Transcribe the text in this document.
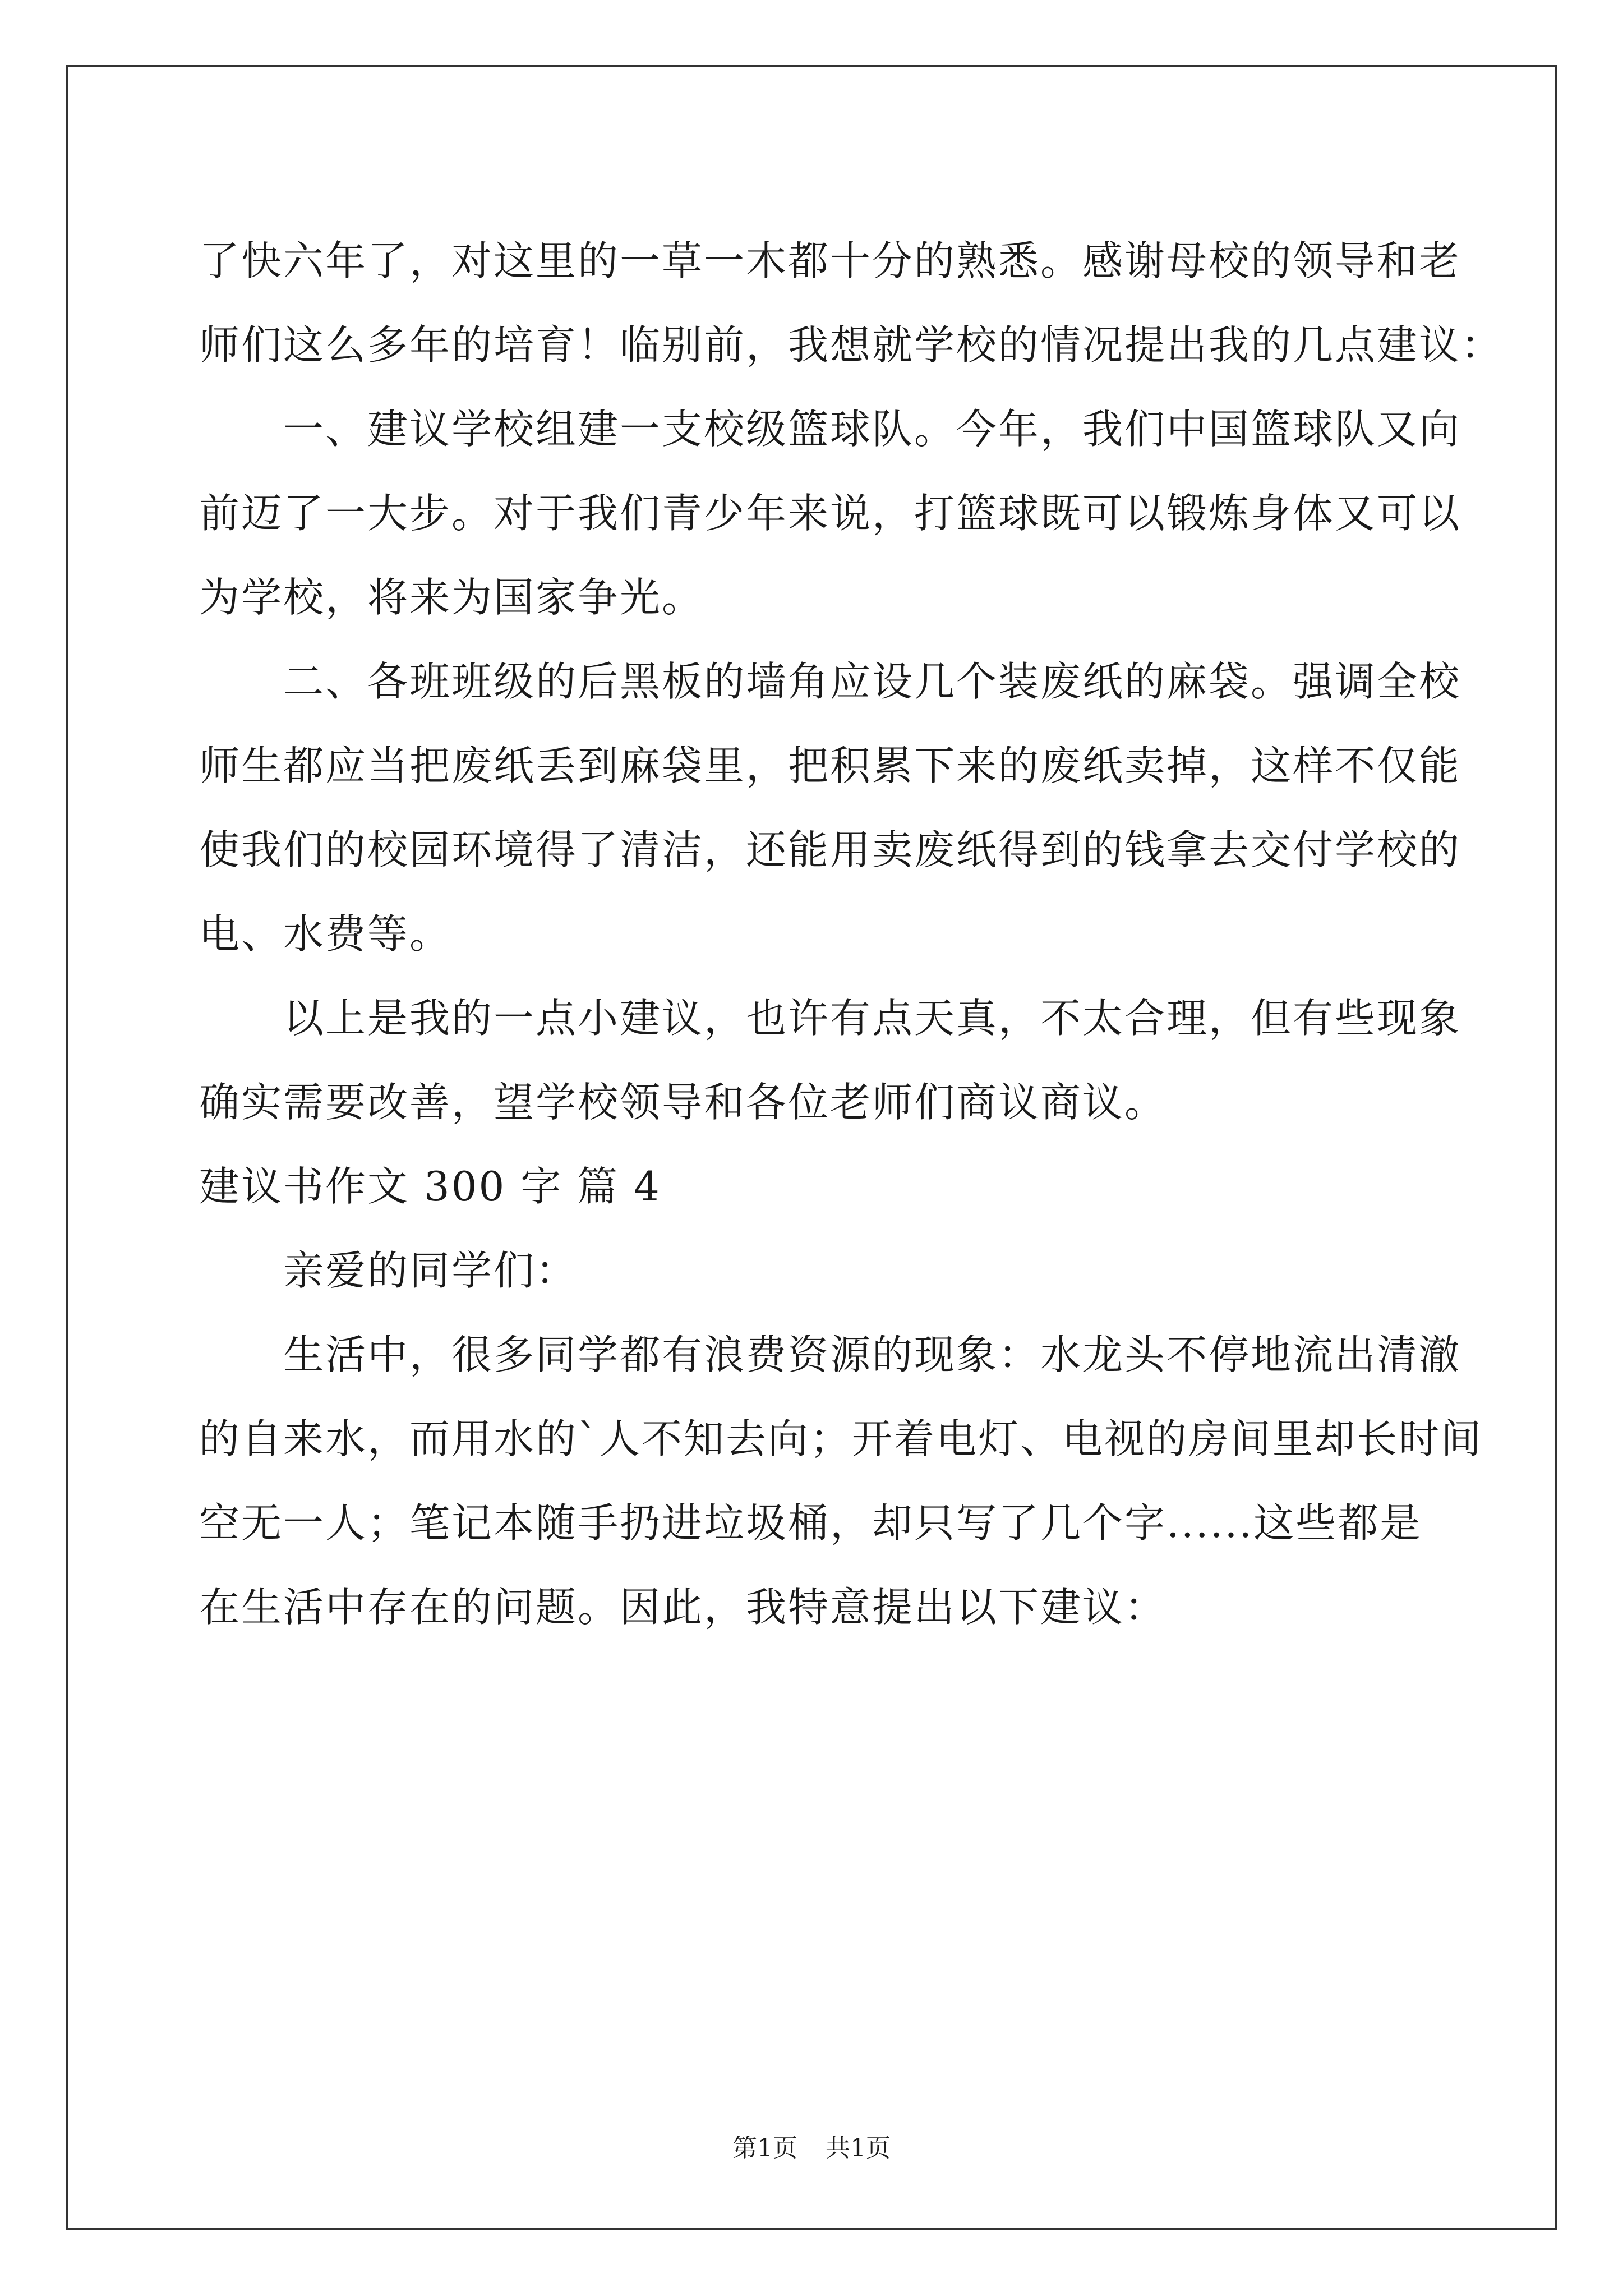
了快六年了，对这里的一草一木都十分的熟悉。感谢母校的领导和老
师们这么多年的培育！临别前，我想就学校的情况提出我的几点建议：
一、建议学校组建一支校级篮球队。今年，我们中国篮球队又向
前迈了一大步。对于我们青少年来说，打篮球既可以锻炼身体又可以
为学校，将来为国家争光。
二、各班班级的后黑板的墙角应设几个装废纸的麻袋。强调全校
师生都应当把废纸丢到麻袋里，把积累下来的废纸卖掉，这样不仅能
使我们的校园环境得了清洁，还能用卖废纸得到的钱拿去交付学校的
电、水费等。
以上是我的一点小建议，也许有点天真，不太合理，但有些现象
确实需要改善，望学校领导和各位老师们商议商议。
建议书作文 300 字 篇 4
亲爱的同学们：
生活中，很多同学都有浪费资源的现象：水龙头不停地流出清澈
的自来水，而用水的`人不知去向；开着电灯、电视的房间里却长时间
空无一人；笔记本随手扔进垃圾桶，却只写了几个字......这些都是
在生活中存在的问题。因此，我特意提出以下建议：
第1页 共1页
